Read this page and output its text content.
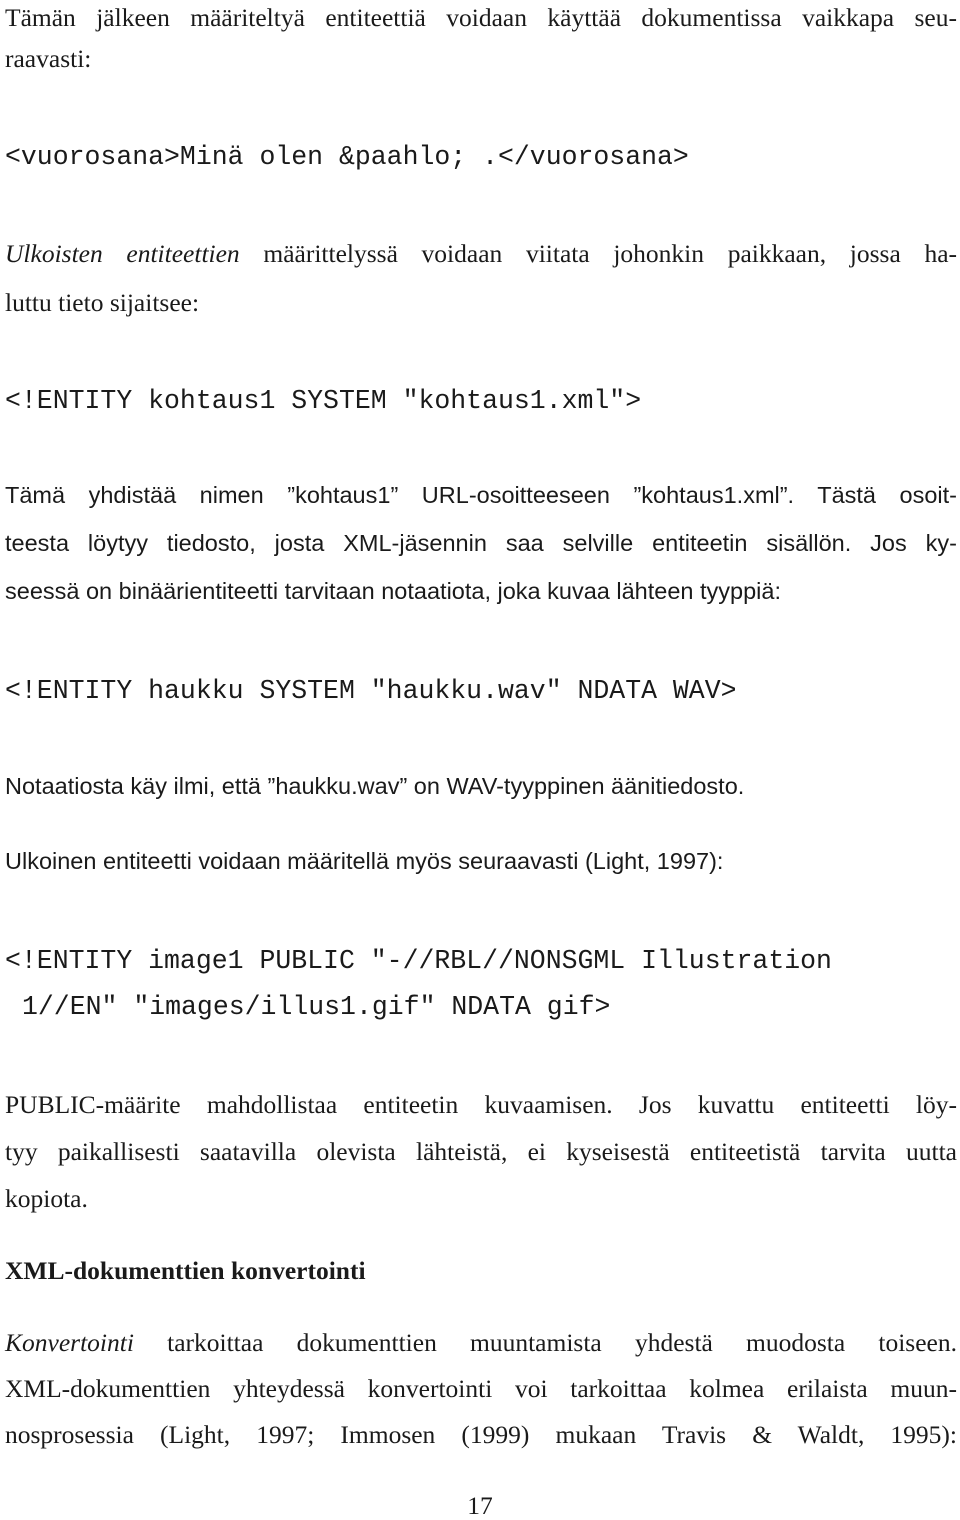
Tämän jälkeen määriteltyä entiteettiä voidaan käyttää dokumentissa vaikkapa seu-
raavasti:
<vuorosana>Minä olen &paahlo; .</vuorosana>
Ulkoisten entiteettien määrittelyssä voidaan viitata johonkin paikkaan, jossa ha-
luttu tieto sijaitsee:
<!ENTITY kohtaus1 SYSTEM "kohtaus1.xml">
Tämä yhdistää nimen ”kohtaus1” URL-osoitteeseen ”kohtaus1.xml”. Tästä osoit-
teesta löytyy tiedosto, josta XML-jäsennin saa selville entiteetin sisällön. Jos ky-
seessä on binäärientiteetti tarvitaan notaatiota, joka kuvaa lähteen tyyppiä:
<!ENTITY haukku SYSTEM "haukku.wav" NDATA WAV>
Notaatiosta käy ilmi, että ”haukku.wav” on WAV-tyyppinen äänitiedosto.
Ulkoinen entiteetti voidaan määritellä myös seuraavasti (Light, 1997):
<!ENTITY image1 PUBLIC "-//RBL//NONSGML Illustration
1//EN" "images/illus1.gif" NDATA gif>
PUBLIC-määrite mahdollistaa entiteetin kuvaamisen. Jos kuvattu entiteetti löy-
tyy paikallisesti saatavilla olevista lähteistä, ei kyseisestä entiteetistä tarvita uutta
kopiota.
XML-dokumenttien konvertointi
Konvertointi tarkoittaa dokumenttien muuntamista yhdestä muodosta toiseen.
XML-dokumenttien yhteydessä konvertointi voi tarkoittaa kolmea erilaista muun-
nosprosessia (Light, 1997; Immosen (1999) mukaan Travis & Waldt, 1995):
17
